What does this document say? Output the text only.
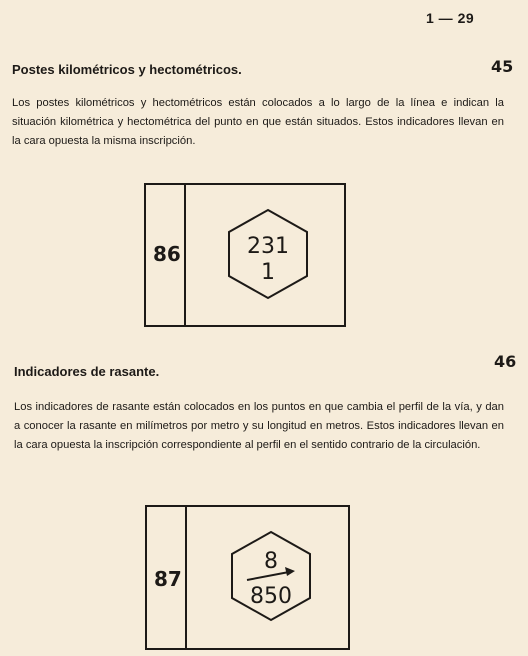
1 — 29
Postes kilométricos y hectométricos.	45

Los postes kilométricos y hectométricos están colocados a lo largo de la línea e indican la situación kilométrica y hectométrica del punto en que están situados. Estos indicadores llevan en la cara opuesta la misma inscripción.

86	231
1
Indicadores de rasante.
46

Los indicadores de rasante están colocados en los puntos en que cambia el perfil de la vía, y dan a conocer la rasante en milímetros por metro y su longitud en metros. Estos indicadores llevan en la cara opuesta la inscripción correspondiente al perfil en el sentido contrario de la circulación.

87
8
850
